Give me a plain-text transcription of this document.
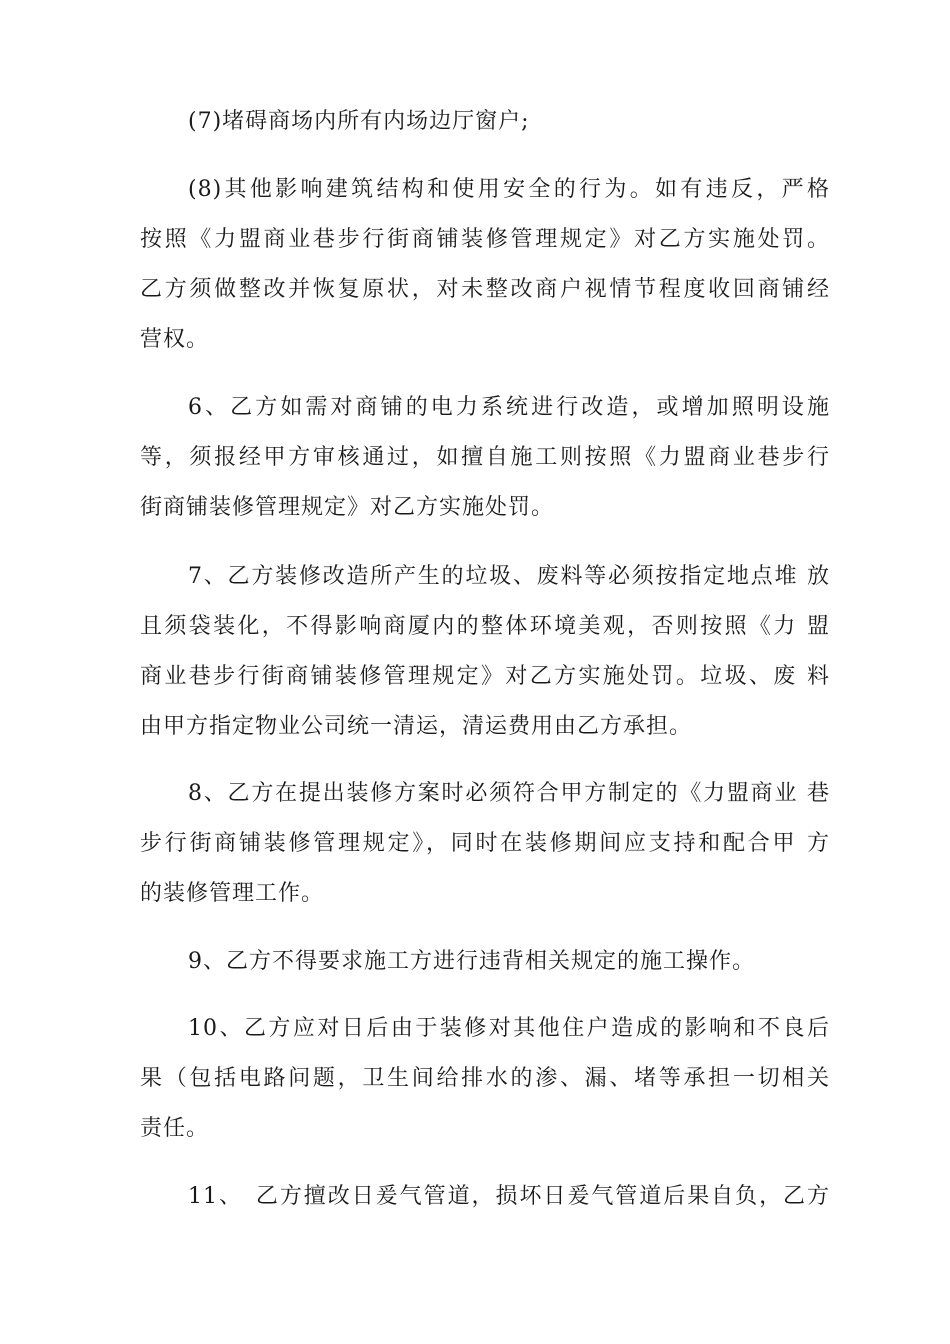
(7)堵碍商场内所有内场边厅窗户;
(8)其他影响建筑结构和使用安全的行为。如有违反，严格
按照《力盟商业巷步行街商铺装修管理规定》对乙方实施处罚。
乙方须做整改并恢复原状，对未整改商户视情节程度收回商铺经
营权。
6、乙方如需对商铺的电力系统进行改造，或增加照明设施
等，须报经甲方审核通过，如擅自施工则按照《力盟商业巷步行
街商铺装修管理规定》对乙方实施处罚。
7、乙方装修改造所产生的垃圾、废料等必须按指定地点堆 放
且须袋装化，不得影响商厦内的整体环境美观，否则按照《力 盟
商业巷步行街商铺装修管理规定》对乙方实施处罚。垃圾、废 料
由甲方指定物业公司统一清运，清运费用由乙方承担。
8、乙方在提出装修方案时必须符合甲方制定的《力盟商业 巷
步行街商铺装修管理规定》，同时在装修期间应支持和配合甲 方
的装修管理工作。
9、乙方不得要求施工方进行违背相关规定的施工操作。
10、乙方应对日后由于装修对其他住户造成的影响和不良后
果（包括电路问题，卫生间给排水的渗、漏、堵等承担一切相关
责任。
11、　乙方擅改日爰气管道，损坏日爰气管道后果自负，乙方
